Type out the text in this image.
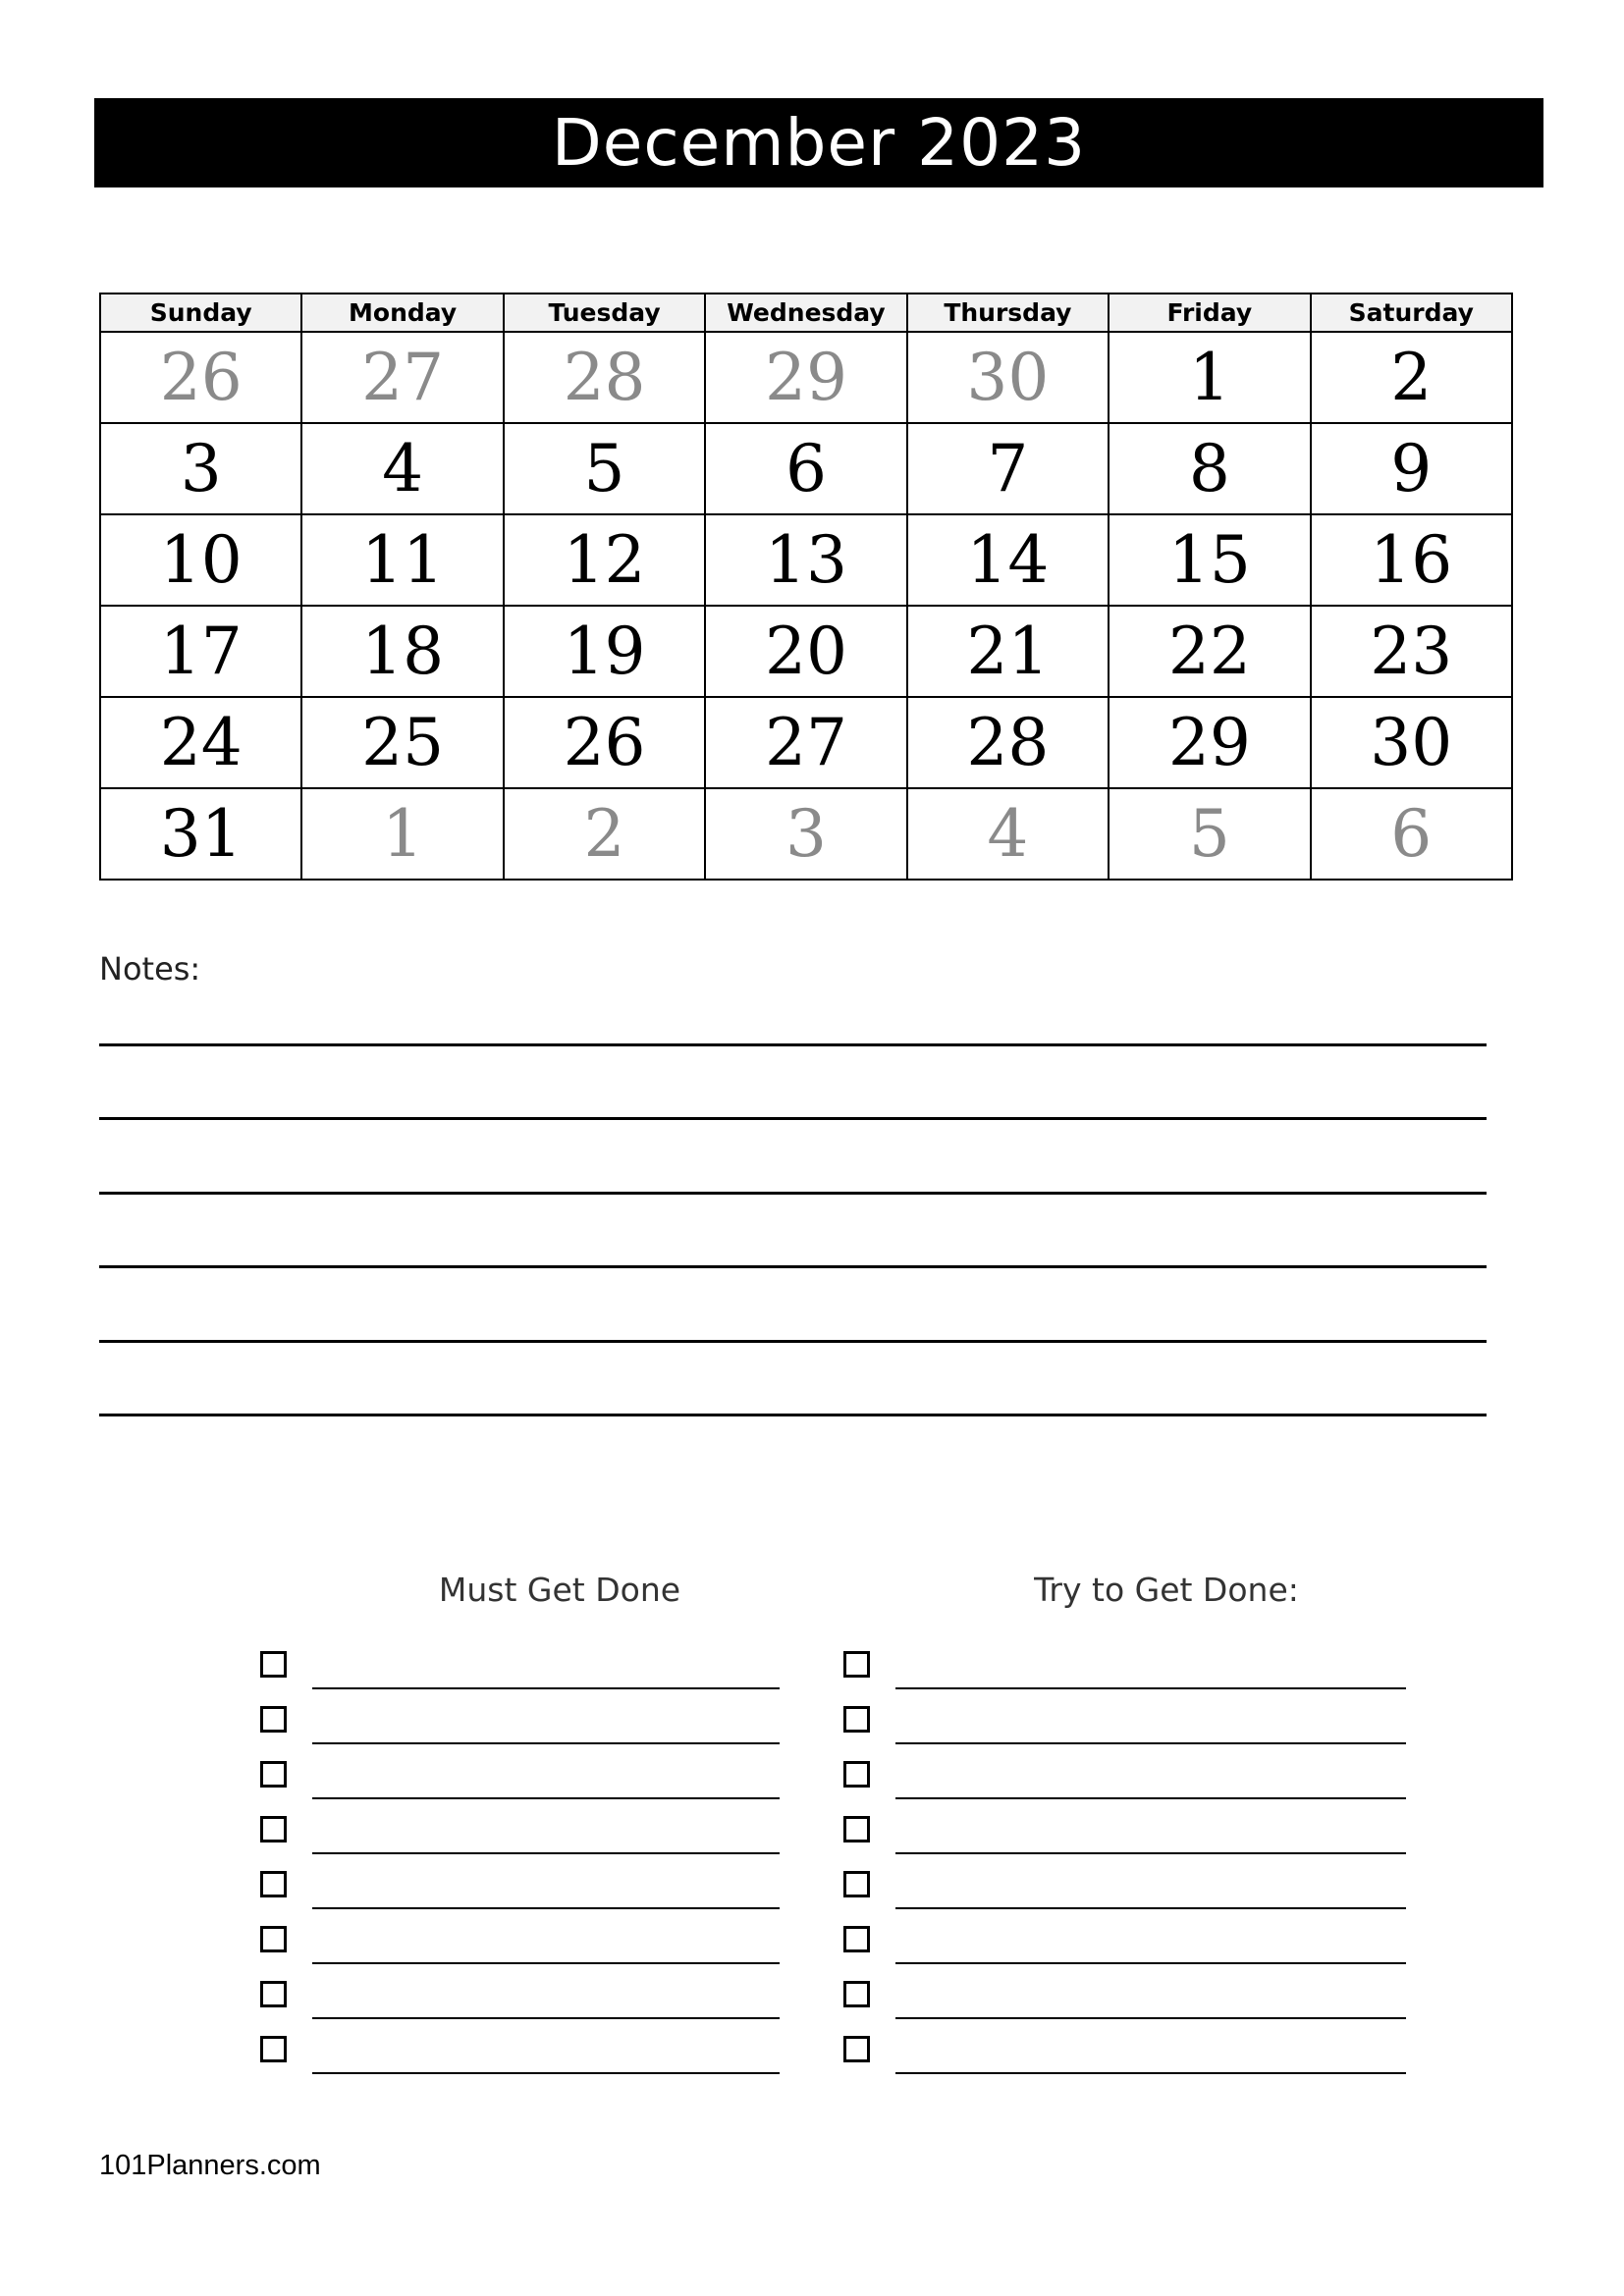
December 2023
Sunday	Monday	Tuesday	Wednesday	Thursday	Friday	Saturday
26	27	28	29	30	1	2
3	4	5	6	7	8	9
10	11	12	13	14	15	16
17	18	19	20	21	22	23
24	25	26	27	28	29	30
31	1	2	3	4	5	6
Notes:
Must Get Done	Try to Get Done:
101Planners.com
